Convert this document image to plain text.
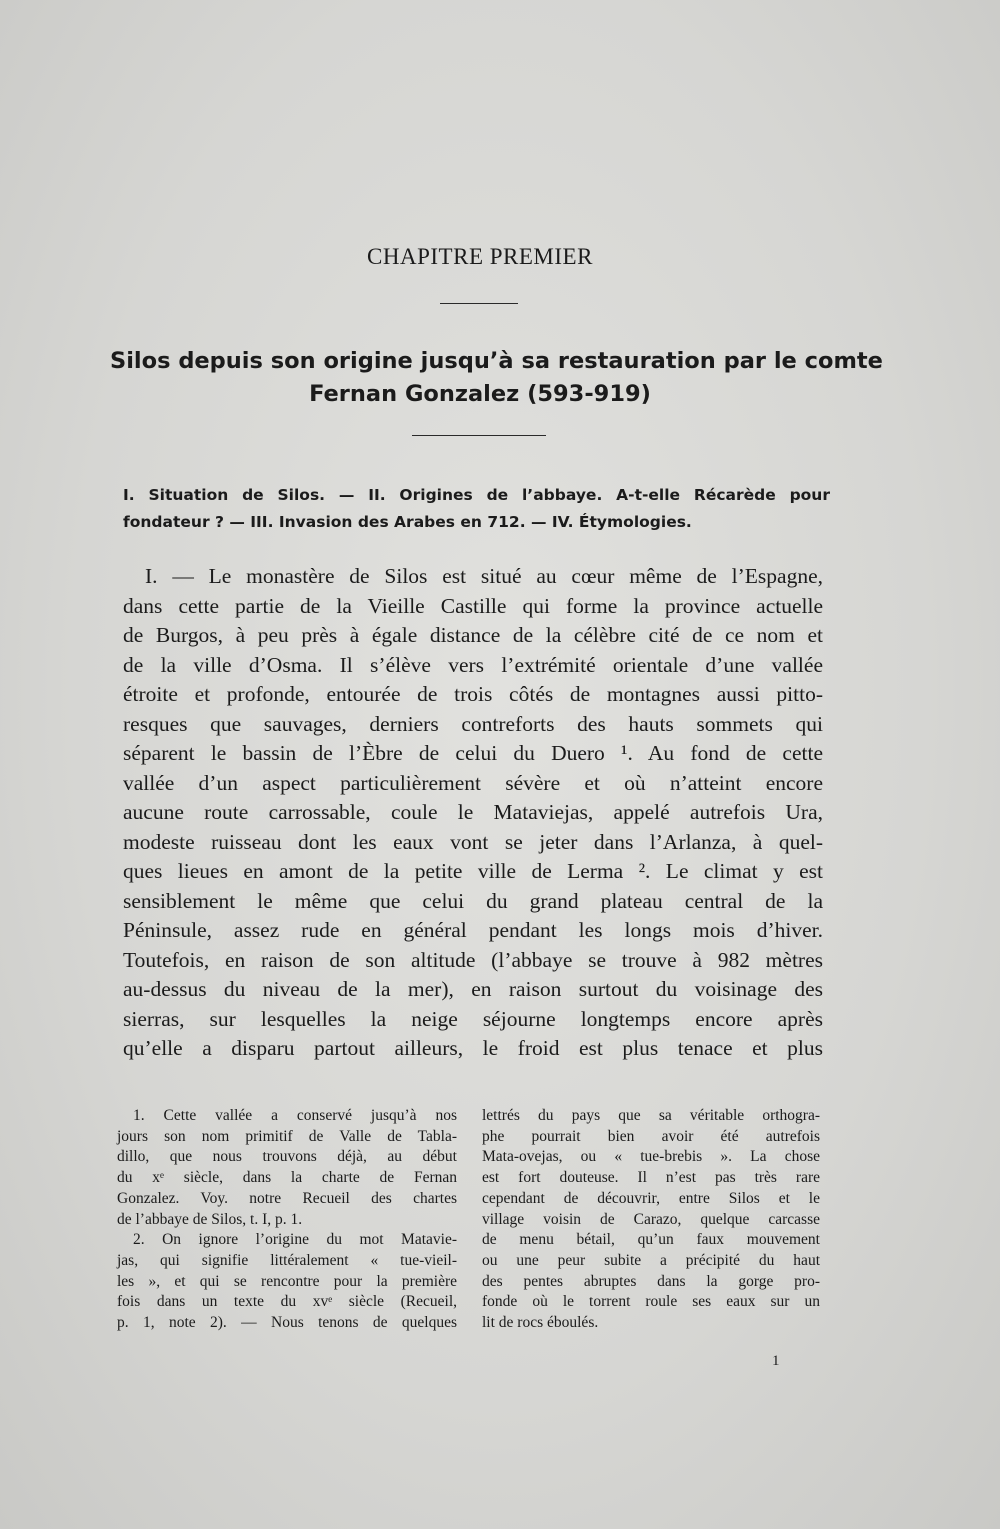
CHAPITRE PREMIER
Silos depuis son origine jusqu’à sa restauration par le comte
Fernan Gonzalez (593-919)

I. Situation de Silos. — II. Origines de l’abbaye. A-t-elle Récarède pour
fondateur ? — III. Invasion des Arabes en 712. — IV. Étymologies.

I. — Le monastère de Silos est situé au cœur même de l’Espagne,
dans cette partie de la Vieille Castille qui forme la province actuelle
de Burgos, à peu près à égale distance de la célèbre cité de ce nom et
de la ville d’Osma. Il s’élève vers l’extrémité orientale d’une vallée
étroite et profonde, entourée de trois côtés de montagnes aussi pitto-
resques que sauvages, derniers contreforts des hauts sommets qui
séparent le bassin de l’Èbre de celui du Duero ¹. Au fond de cette
vallée d’un aspect particulièrement sévère et où n’atteint encore
aucune route carrossable, coule le Mataviejas, appelé autrefois Ura,
modeste ruisseau dont les eaux vont se jeter dans l’Arlanza, à quel-
ques lieues en amont de la petite ville de Lerma ². Le climat y est
sensiblement le même que celui du grand plateau central de la
Péninsule, assez rude en général pendant les longs mois d’hiver.
Toutefois, en raison de son altitude (l’abbaye se trouve à 982 mètres
au-dessus du niveau de la mer), en raison surtout du voisinage des
sierras, sur lesquelles la neige séjourne longtemps encore après
qu’elle a disparu partout ailleurs, le froid est plus tenace et plus

1. Cette vallée a conservé jusqu’à nos
jours son nom primitif de Valle de Tabla-
dillo, que nous trouvons déjà, au début
du xᵉ siècle, dans la charte de Fernan
Gonzalez. Voy. notre Recueil des chartes
de l’abbaye de Silos, t. I, p. 1.
2. On ignore l’origine du mot Matavie-
jas, qui signifie littéralement « tue-vieil-
les », et qui se rencontre pour la première
fois dans un texte du xvᵉ siècle (Recueil,
p. 1, note 2). — Nous tenons de quelques
lettrés du pays que sa véritable orthogra-
phe pourrait bien avoir été autrefois
Mata-ovejas, ou « tue-brebis ». La chose
est fort douteuse. Il n’est pas très rare
cependant de découvrir, entre Silos et le
village voisin de Carazo, quelque carcasse
de menu bétail, qu’un faux mouvement
ou une peur subite a précipité du haut
des pentes abruptes dans la gorge pro-
fonde où le torrent roule ses eaux sur un
lit de rocs éboulés.
1
